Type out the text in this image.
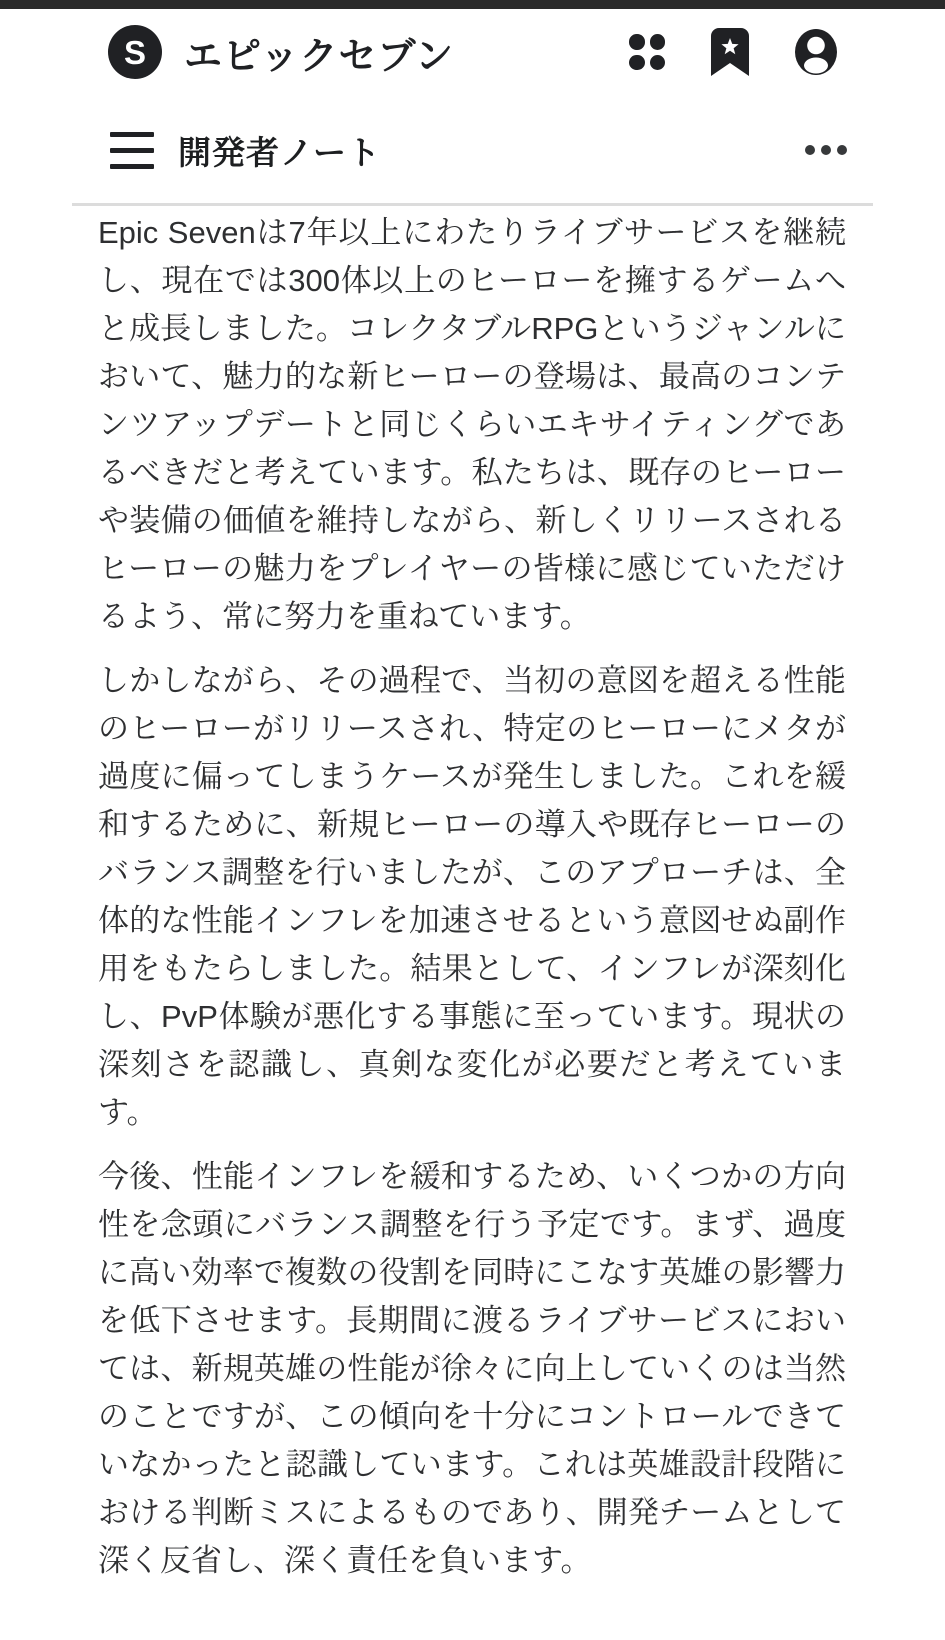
S エピックセブン
開発者ノート

Epic Sevenは7年以上にわたりライブサービスを継続し、現在では300体以上のヒーローを擁するゲームへと成長しました。コレクタブルRPGというジャンルにおいて、魅力的な新ヒーローの登場は、最高のコンテンツアップデートと同じくらいエキサイティングであるべきだと考えています。私たちは、既存のヒーローや装備の価値を維持しながら、新しくリリースされるヒーローの魅力をプレイヤーの皆様に感じていただけるよう、常に努力を重ねています。

しかしながら、その過程で、当初の意図を超える性能のヒーローがリリースされ、特定のヒーローにメタが過度に偏ってしまうケースが発生しました。これを緩和するために、新規ヒーローの導入や既存ヒーローのバランス調整を行いましたが、このアプローチは、全体的な性能インフレを加速させるという意図せぬ副作用をもたらしました。結果として、インフレが深刻化し、PvP体験が悪化する事態に至っています。現状の深刻さを認識し、真剣な変化が必要だと考えています。

今後、性能インフレを緩和するため、いくつかの方向性を念頭にバランス調整を行う予定です。まず、過度に高い効率で複数の役割を同時にこなす英雄の影響力を低下させます。長期間に渡るライブサービスにおいては、新規英雄の性能が徐々に向上していくのは当然のことですが、この傾向を十分にコントロールできていなかったと認識しています。これは英雄設計段階における判断ミスによるものであり、開発チームとして深く反省し、深く責任を負います。
